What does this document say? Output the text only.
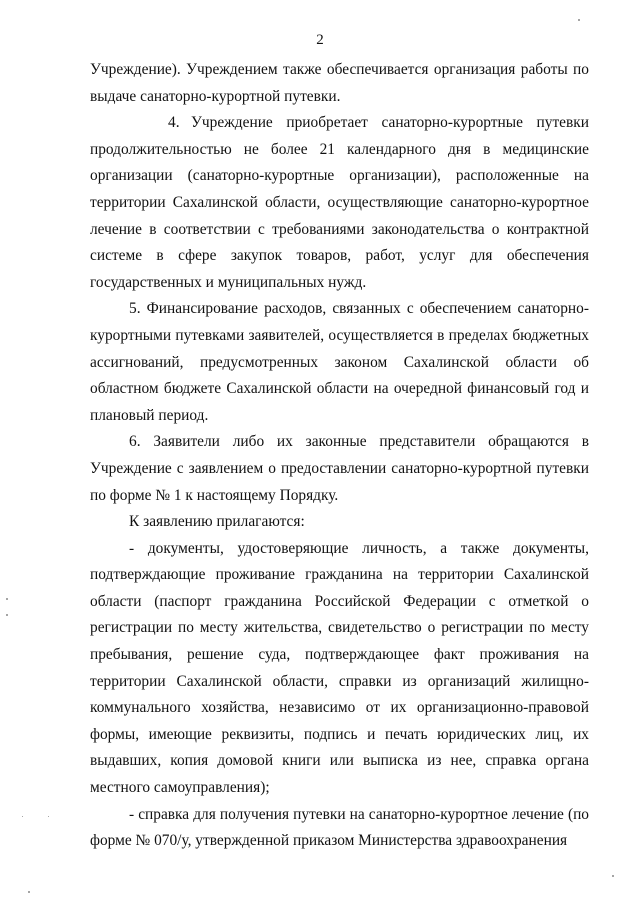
2

Учреждение). Учреждением также обеспечивается организация работы по выдаче санаторно-курортной путевки.

4. Учреждение приобретает санаторно-курортные путевки продолжительностью не более 21 календарного дня в медицинские организации (санаторно-курортные организации), расположенные на территории Сахалинской области, осуществляющие санаторно-курортное лечение в соответствии с требованиями законодательства о контрактной системе в сфере закупок товаров, работ, услуг для обеспечения государственных и муниципальных нужд.

5. Финансирование расходов, связанных с обеспечением санаторно-курортными путевками заявителей, осуществляется в пределах бюджетных ассигнований, предусмотренных законом Сахалинской области об областном бюджете Сахалинской области на очередной финансовый год и плановый период.

6. Заявители либо их законные представители обращаются в Учреждение с заявлением о предоставлении санаторно-курортной путевки по форме № 1 к настоящему Порядку.

К заявлению прилагаются:

- документы, удостоверяющие личность, а также документы, подтверждающие проживание гражданина на территории Сахалинской области (паспорт гражданина Российской Федерации с отметкой о регистрации по месту жительства, свидетельство о регистрации по месту пребывания, решение суда, подтверждающее факт проживания на территории Сахалинской области, справки из организаций жилищно-коммунального хозяйства, независимо от их организационно-правовой формы, имеющие реквизиты, подпись и печать юридических лиц, их выдавших, копия домовой книги или выписка из нее, справка органа местного самоуправления);

- справка для получения путевки на санаторно-курортное лечение (по форме № 070/у, утвержденной приказом Министерства здравоохранения
